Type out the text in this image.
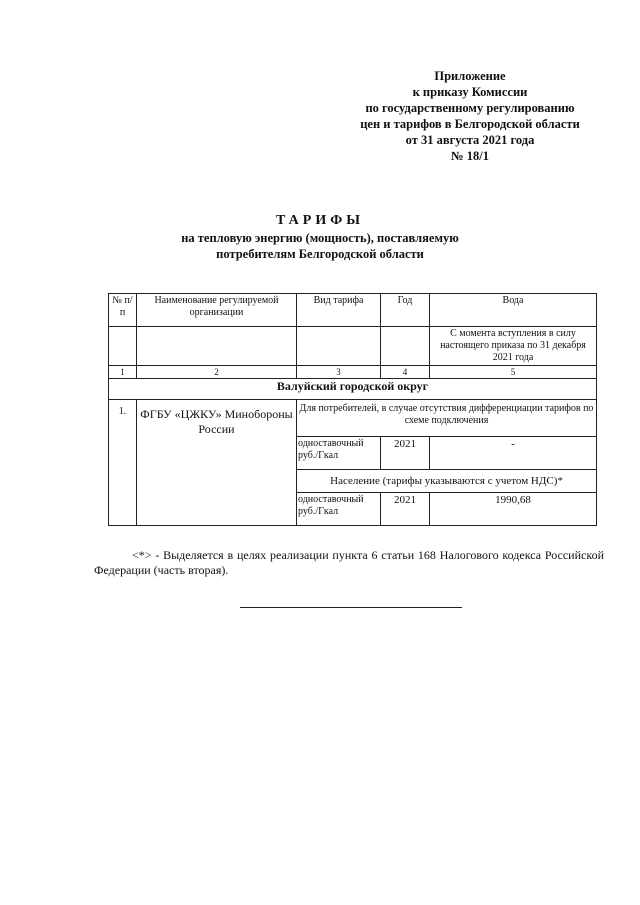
Приложение
к приказу Комиссии
по государственному регулированию
цен и тарифов в Белгородской области
от 31 августа 2021 года
№ 18/1
ТАРИФЫ
на тепловую энергию (мощность), поставляемую
потребителям Белгородской области
№ п/п	Наименование регулируемой организации	Вид тарифа	Год	Вода
				С момента вступления в силу настоящего приказа по 31 декабря 2021 года
1	2	3	4	5
Валуйский городской округ				
1.	ФГБУ «ЦЖКУ» Минобороны России	Для потребителей, в случае отсутствия дифференциации тарифов по схеме подключения		
		одноставочный руб./Гкал	2021	-
		Население (тарифы указываются с учетом НДС)*		
		одноставочный руб./Гкал	2021	1990,68
<*> - Выделяется в целях реализации пункта 6 статьи 168 Налогового кодекса Российской Федерации (часть вторая).
